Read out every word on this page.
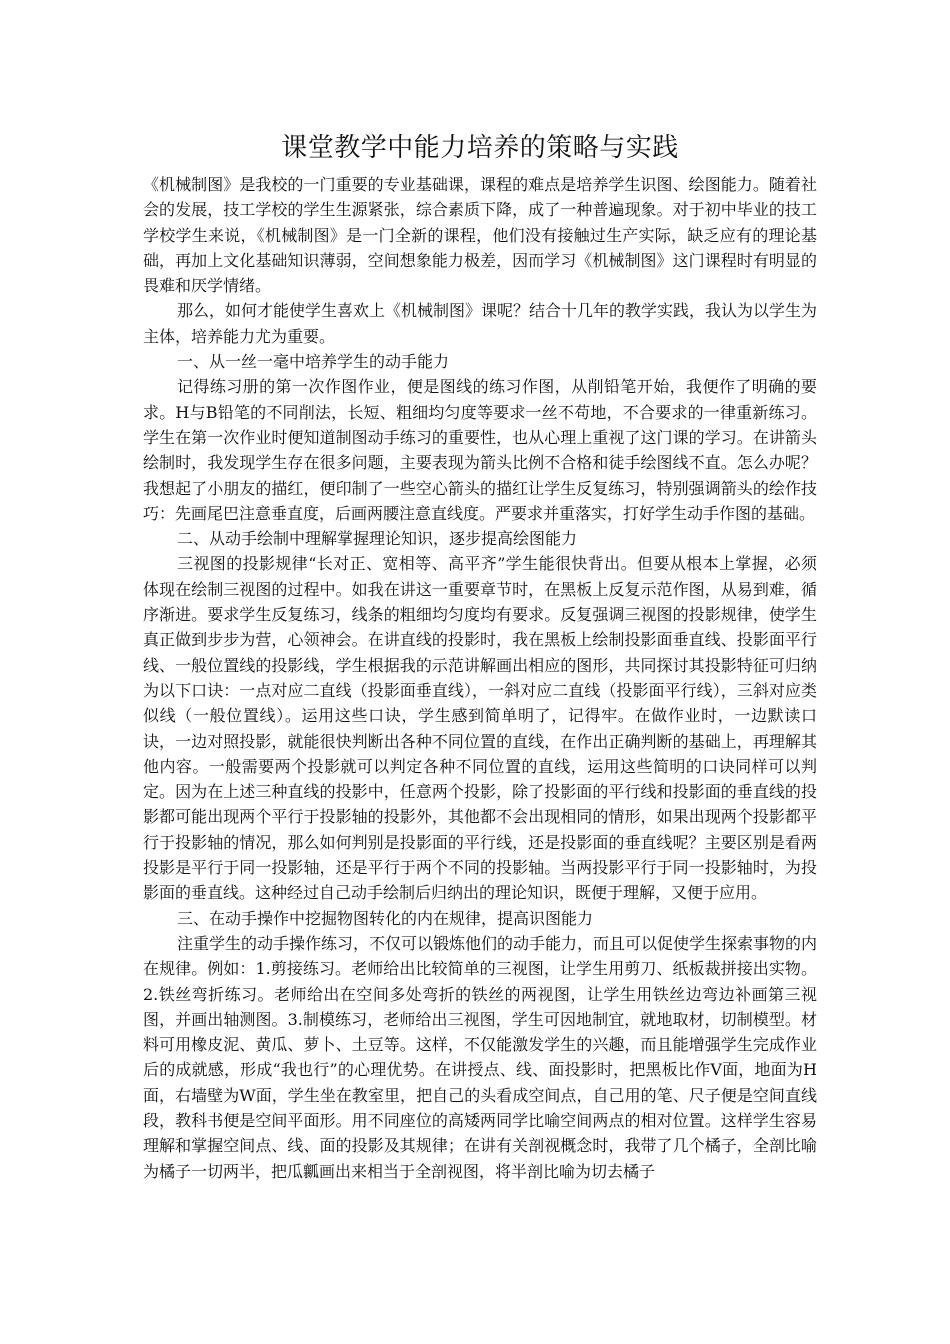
课堂教学中能力培养的策略与实践

《机械制图》是我校的一门重要的专业基础课，课程的难点是培养学生识图、绘图能力。随着社会的发展，技工学校的学生生源紧张，综合素质下降，成了一种普遍现象。对于初中毕业的技工学校学生来说，《机械制图》是一门全新的课程，他们没有接触过生产实际，缺乏应有的理论基础，再加上文化基础知识薄弱，空间想象能力极差，因而学习《机械制图》这门课程时有明显的畏难和厌学情绪。

那么，如何才能使学生喜欢上《机械制图》课呢？结合十几年的教学实践，我认为以学生为主体，培养能力尤为重要。

一、从一丝一毫中培养学生的动手能力

记得练习册的第一次作图作业，便是图线的练习作图，从削铅笔开始，我便作了明确的要求。H与B铅笔的不同削法，长短、粗细均匀度等要求一丝不苟地，不合要求的一律重新练习。学生在第一次作业时便知道制图动手练习的重要性，也从心理上重视了这门课的学习。在讲箭头绘制时，我发现学生存在很多问题，主要表现为箭头比例不合格和徒手绘图线不直。怎么办呢？我想起了小朋友的描红，便印制了一些空心箭头的描红让学生反复练习，特别强调箭头的绘作技巧：先画尾巴注意垂直度，后画两腰注意直线度。严要求并重落实，打好学生动手作图的基础。

二、从动手绘制中理解掌握理论知识，逐步提高绘图能力

三视图的投影规律“长对正、宽相等、高平齐”学生能很快背出。但要从根本上掌握，必须体现在绘制三视图的过程中。如我在讲这一重要章节时，在黑板上反复示范作图，从易到难，循序渐进。要求学生反复练习，线条的粗细均匀度均有要求。反复强调三视图的投影规律，使学生真正做到步步为营，心领神会。在讲直线的投影时，我在黑板上绘制投影面垂直线、投影面平行线、一般位置线的投影线，学生根据我的示范讲解画出相应的图形，共同探讨其投影特征可归纳为以下口诀：一点对应二直线（投影面垂直线），一斜对应二直线（投影面平行线），三斜对应类似线（一般位置线）。运用这些口诀，学生感到简单明了，记得牢。在做作业时，一边默读口诀，一边对照投影，就能很快判断出各种不同位置的直线，在作出正确判断的基础上，再理解其他内容。一般需要两个投影就可以判定各种不同位置的直线，运用这些简明的口诀同样可以判定。因为在上述三种直线的投影中，任意两个投影，除了投影面的平行线和投影面的垂直线的投影都可能出现两个平行于投影轴的投影外，其他都不会出现相同的情形，如果出现两个投影都平行于投影轴的情况，那么如何判别是投影面的平行线，还是投影面的垂直线呢？主要区别是看两投影是平行于同一投影轴，还是平行于两个不同的投影轴。当两投影平行于同一投影轴时，为投影面的垂直线。这种经过自己动手绘制后归纳出的理论知识，既便于理解，又便于应用。

三、在动手操作中挖掘物图转化的内在规律，提高识图能力

注重学生的动手操作练习，不仅可以锻炼他们的动手能力，而且可以促使学生探索事物的内在规律。例如：1.剪接练习。老师给出比较简单的三视图，让学生用剪刀、纸板裁拼接出实物。2.铁丝弯折练习。老师给出在空间多处弯折的铁丝的两视图，让学生用铁丝边弯边补画第三视图，并画出轴测图。3.制模练习，老师给出三视图，学生可因地制宜，就地取材，切制模型。材料可用橡皮泥、黄瓜、萝卜、土豆等。这样，不仅能激发学生的兴趣，而且能增强学生完成作业后的成就感，形成“我也行”的心理优势。在讲授点、线、面投影时，把黑板比作V面，地面为H面，右墙壁为W面，学生坐在教室里，把自己的头看成空间点，自己用的笔、尺子便是空间直线段，教科书便是空间平面形。用不同座位的高矮两同学比喻空间两点的相对位置。这样学生容易理解和掌握空间点、线、面的投影及其规律；在讲有关剖视概念时，我带了几个橘子，全剖比喻为橘子一切两半，把瓜瓤画出来相当于全剖视图，将半剖比喻为切去橘子
